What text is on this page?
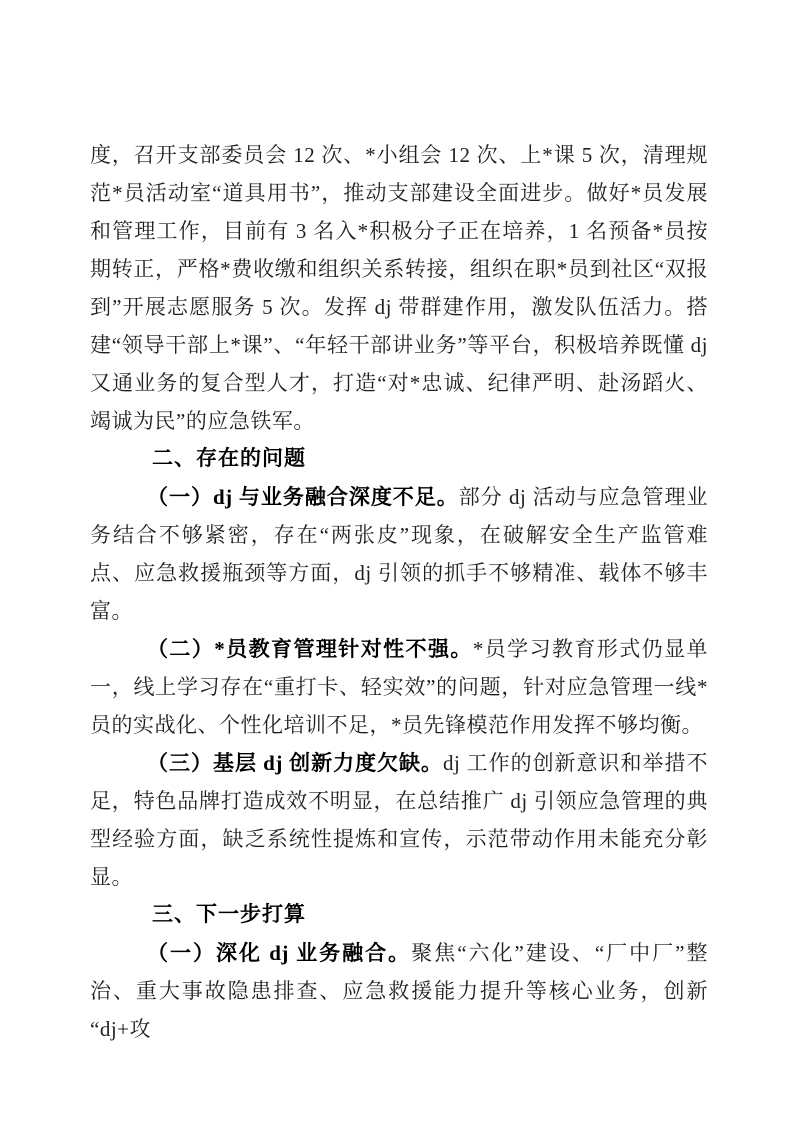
度，召开支部委员会 12 次、*小组会 12 次、上*课 5 次，清理规范*员活动室“道具用书”，推动支部建设全面进步。做好*员发展和管理工作，目前有 3 名入*积极分子正在培养，1 名预备*员按期转正，严格*费收缴和组织关系转接，组织在职*员到社区“双报到”开展志愿服务 5 次。发挥 dj 带群建作用，激发队伍活力。搭建“领导干部上*课”、“年轻干部讲业务”等平台，积极培养既懂 dj 又通业务的复合型人才，打造“对*忠诚、纪律严明、赴汤蹈火、竭诚为民”的应急铁军。

二、存在的问题

（一）dj 与业务融合深度不足。部分 dj 活动与应急管理业务结合不够紧密，存在“两张皮”现象，在破解安全生产监管难点、应急救援瓶颈等方面，dj 引领的抓手不够精准、载体不够丰富。

（二）*员教育管理针对性不强。*员学习教育形式仍显单一，线上学习存在“重打卡、轻实效”的问题，针对应急管理一线*员的实战化、个性化培训不足，*员先锋模范作用发挥不够均衡。

（三）基层 dj 创新力度欠缺。dj 工作的创新意识和举措不足，特色品牌打造成效不明显，在总结推广 dj 引领应急管理的典型经验方面，缺乏系统性提炼和宣传，示范带动作用未能充分彰显。

三、下一步打算

（一）深化 dj 业务融合。聚焦“六化”建设、“厂中厂”整治、重大事故隐患排查、应急救援能力提升等核心业务，创新“dj+攻
